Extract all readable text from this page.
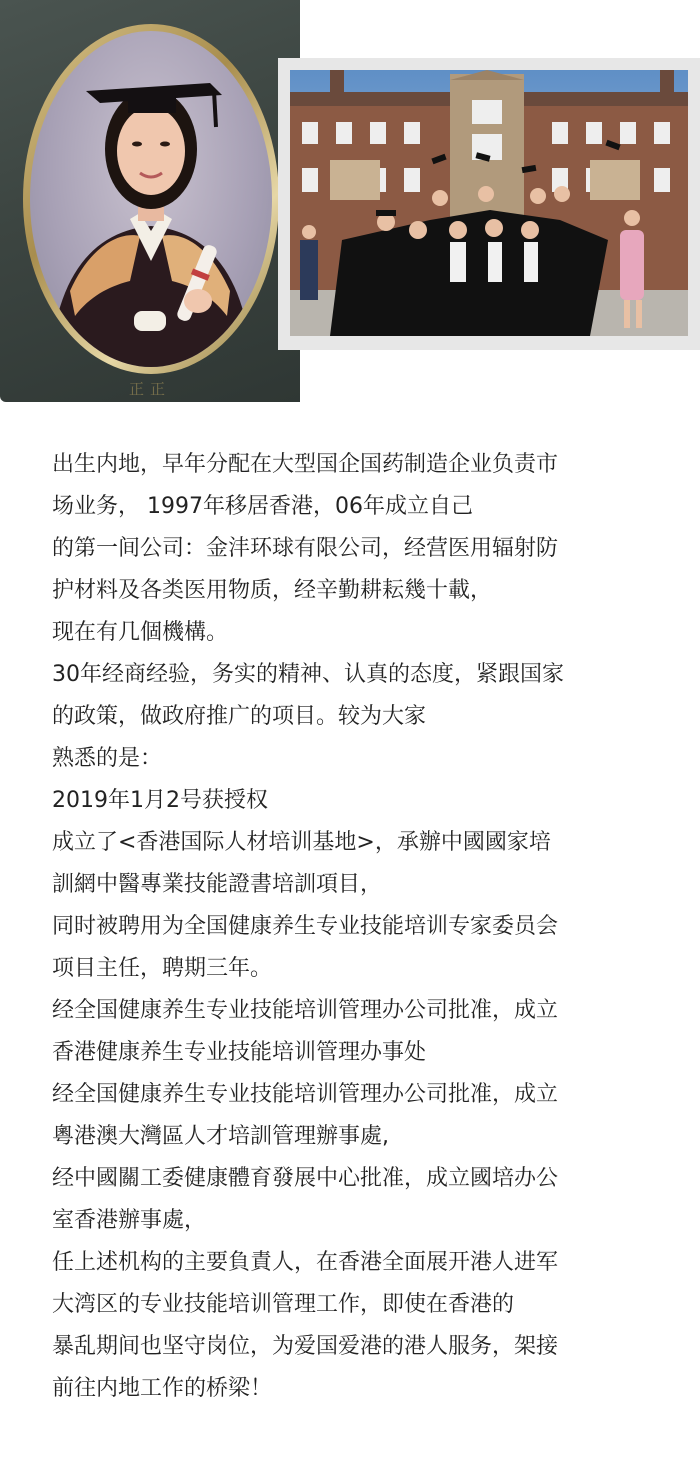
正正

出生内地，早年分配在大型国企国药制造企业负责市

场业务， 1997年移居香港，06年成立自己

的第一间公司：金沣环球有限公司，经营医用辐射防

护材料及各类医用物质，经辛勤耕耘幾十載，

现在有几個機構。

30年经商经验，务实的精神、认真的态度，紧跟国家

的政策，做政府推广的项目。较为大家

熟悉的是：

2019年1月2号获授权

成立了<香港国际人材培训基地>，承辦中國國家培

訓網中醫專業技能證書培訓項目，

同时被聘用为全国健康养生专业技能培训专家委员会

项目主任，聘期三年。

经全国健康养生专业技能培训管理办公司批准，成立

香港健康养生专业技能培训管理办事处

经全国健康养生专业技能培训管理办公司批准，成立

粵港澳大灣區人才培訓管理辦事處,

经中國關工委健康體育發展中心批准，成立國培办公

室香港辦事處，

任上述机构的主要負責人，在香港全面展开港人进军

大湾区的专业技能培训管理工作，即使在香港的

暴乱期间也坚守岗位，为爱国爱港的港人服务，架接

前往内地工作的桥梁！
